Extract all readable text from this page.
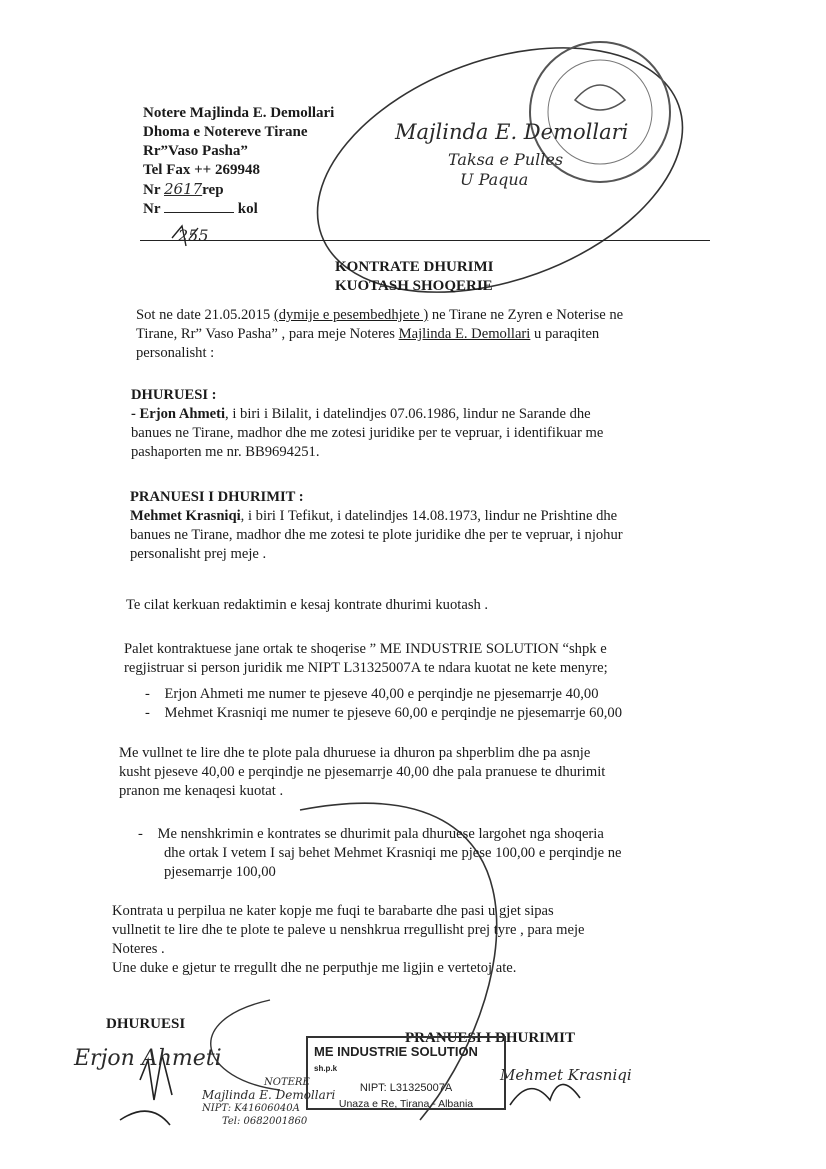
Notere Majlinda E. Demollari
Dhoma e Notereve Tirane
Rr”Vaso Pasha”
Tel Fax ++ 269948
Nr 2617rep
Nr	kol
255
Majlinda E. Demollari
Taksa e Pulles
U Paqua
KONTRATE DHURIMI
KUOTASH SHOQERIE
Sot ne date 21.05.2015 (dymije e pesembedhjete ) ne Tirane ne Zyren e Noterise ne
Tirane, Rr” Vaso Pasha” , para meje Noteres Majlinda E. Demollari u paraqiten
personalisht :
DHURUESI :
- Erjon Ahmeti, i biri i Bilalit, i datelindjes 07.06.1986, lindur ne Sarande dhe
banues ne Tirane, madhor dhe me zotesi juridike per te vepruar, i identifikuar me
pashaporten me nr. BB9694251.
PRANUESI I DHURIMIT :
Mehmet Krasniqi, i biri I Tefikut, i datelindjes 14.08.1973, lindur ne Prishtine dhe
banues ne Tirane, madhor dhe me zotesi te plote juridike dhe per te vepruar, i njohur
personalisht prej meje .
Te cilat kerkuan redaktimin e kesaj kontrate dhurimi kuotash .
Palet kontraktuese jane ortak te shoqerise ” ME INDUSTRIE SOLUTION “shpk e
regjistruar si person juridik me NIPT L31325007A te ndara kuotat ne kete menyre;
-    Erjon Ahmeti me numer te pjeseve 40,00 e perqindje ne pjesemarrje 40,00
-    Mehmet Krasniqi me numer te pjeseve 60,00 e perqindje ne pjesemarrje 60,00
Me vullnet te lire dhe te plote pala dhuruese ia dhuron pa shperblim dhe pa asnje
kusht pjeseve 40,00 e perqindje ne pjesemarrje 40,00 dhe pala pranuese te dhurimit
pranon me kenaqesi kuotat .
-    Me nenshkrimin e kontrates se dhurimit pala dhuruese largohet nga shoqeria
dhe ortak I vetem I saj behet Mehmet Krasniqi me pjese 100,00 e perqindje ne
pjesemarrje 100,00
Kontrata u perpilua ne kater kopje me fuqi te barabarte dhe pasi u gjet sipas
vullnetit te lire dhe te plote te paleve u nenshkrua rregullisht prej tyre , para meje
Noteres .
Une duke e gjetur te rregullt dhe ne perputhje me ligjin e vertetoj ate.
DHURUESI
PRANUESI I DHURIMIT
Erjon Ahmeti
Mehmet Krasniqi
ME INDUSTRIE SOLUTION sh.p.k
NIPT: L31325007A
Unaza e Re, Tirana - Albania
NOTERE
Majlinda E. Demollari
NIPT: K41606040A
Tel: 0682001860
